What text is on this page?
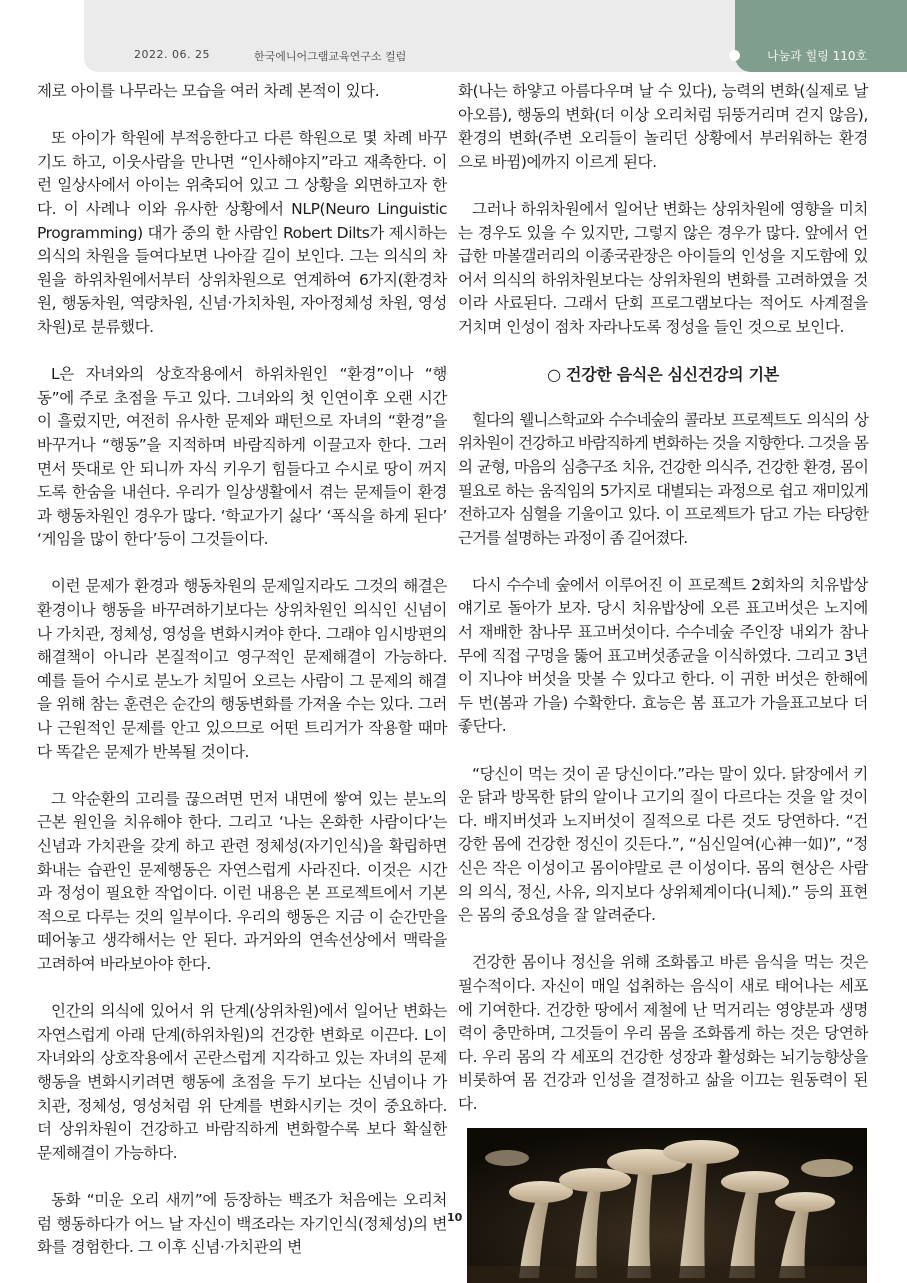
2022. 06. 25	한국에니어그램교육연구소 컬럼	나눔과 힐링 110호

제로 아이를 나무라는 모습을 여러 차례 본적이 있다.

또 아이가 학원에 부적응한다고 다른 학원으로 몇 차례 바꾸기도 하고, 이웃사람을 만나면 “인사해야지”라고 재촉한다. 이런 일상사에서 아이는 위축되어 있고 그 상황을 외면하고자 한다. 이 사례나 이와 유사한 상황에서 NLP(Neuro Linguistic Programming) 대가 중의 한 사람인 Robert Dilts가 제시하는 의식의 차원을 들여다보면 나아갈 길이 보인다. 그는 의식의 차원을 하위차원에서부터 상위차원으로 연계하여 6가지(환경차원, 행동차원, 역량차원, 신념·가치차원, 자아정체성 차원, 영성차원)로 분류했다.

L은 자녀와의 상호작용에서 하위차원인 “환경”이나 “행동”에 주로 초점을 두고 있다. 그녀와의 첫 인연이후 오랜 시간이 흘렀지만, 여전히 유사한 문제와 패턴으로 자녀의 “환경”을 바꾸거나 “행동”을 지적하며 바람직하게 이끌고자 한다. 그러면서 뜻대로 안 되니까 자식 키우기 힘들다고 수시로 땅이 꺼지도록 한숨을 내쉰다. 우리가 일상생활에서 겪는 문제들이 환경과 행동차원인 경우가 많다. ‘학교가기 싫다’ ‘폭식을 하게 된다’ ‘게임을 많이 한다’등이 그것들이다.

이런 문제가 환경과 행동차원의 문제일지라도 그것의 해결은 환경이나 행동을 바꾸려하기보다는 상위차원인 의식인 신념이나 가치관, 정체성, 영성을 변화시켜야 한다. 그래야 임시방편의 해결책이 아니라 본질적이고 영구적인 문제해결이 가능하다. 예를 들어 수시로 분노가 치밀어 오르는 사람이 그 문제의 해결을 위해 참는 훈련은 순간의 행동변화를 가져올 수는 있다. 그러나 근원적인 문제를 안고 있으므로 어떤 트리거가 작용할 때마다 똑같은 문제가 반복될 것이다.

그 악순환의 고리를 끊으려면 먼저 내면에 쌓여 있는 분노의 근본 원인을 치유해야 한다. 그리고 ‘나는 온화한 사람이다’는 신념과 가치관을 갖게 하고 관련 정체성(자기인식)을 확립하면 화내는 습관인 문제행동은 자연스럽게 사라진다. 이것은 시간과 정성이 필요한 작업이다. 이런 내용은 본 프로젝트에서 기본적으로 다루는 것의 일부이다. 우리의 행동은 지금 이 순간만을 떼어놓고 생각해서는 안 된다. 과거와의 연속선상에서 맥락을 고려하여 바라보아야 한다.

인간의 의식에 있어서 위 단계(상위차원)에서 일어난 변화는 자연스럽게 아래 단계(하위차원)의 건강한 변화로 이끈다. L이 자녀와의 상호작용에서 곤란스럽게 지각하고 있는 자녀의 문제행동을 변화시키려면 행동에 초점을 두기 보다는 신념이나 가치관, 정체성, 영성처럼 위 단계를 변화시키는 것이 중요하다. 더 상위차원이 건강하고 바람직하게 변화할수록 보다 확실한 문제해결이 가능하다.

동화 “미운 오리 새끼”에 등장하는 백조가 처음에는 오리처럼 행동하다가 어느 날 자신이 백조라는 자기인식(정체성)의 변화를 경험한다. 그 이후 신념·가치관의 변

화(나는 하얗고 아름다우며 날 수 있다), 능력의 변화(실제로 날아오름), 행동의 변화(더 이상 오리처럼 뒤뚱거리며 걷지 않음), 환경의 변화(주변 오리들이 놀리던 상황에서 부러워하는 환경으로 바뀜)에까지 이르게 된다.

그러나 하위차원에서 일어난 변화는 상위차원에 영향을 미치는 경우도 있을 수 있지만, 그렇지 않은 경우가 많다. 앞에서 언급한 마볼갤러리의 이종국관장은 아이들의 인성을 지도함에 있어서 의식의 하위차원보다는 상위차원의 변화를 고려하였을 것이라 사료된다. 그래서 단회 프로그램보다는 적어도 사계절을 거치며 인성이 점차 자라나도록 정성을 들인 것으로 보인다.

○ 건강한 음식은 심신건강의 기본

힐다의 웰니스학교와 수수네숲의 콜라보 프로젝트도 의식의 상위차원이 건강하고 바람직하게 변화하는 것을 지향한다. 그것을 몸의 균형, 마음의 심층구조 치유, 건강한 의식주, 건강한 환경, 몸이 필요로 하는 움직임의 5가지로 대별되는 과정으로 쉽고 재미있게 전하고자 심혈을 기울이고 있다. 이 프로젝트가 담고 가는 타당한 근거를 설명하는 과정이 좀 길어졌다.

다시 수수네 숲에서 이루어진 이 프로젝트 2회차의 치유밥상 얘기로 돌아가 보자. 당시 치유밥상에 오른 표고버섯은 노지에서 재배한 참나무 표고버섯이다. 수수네숲 주인장 내외가 참나무에 직접 구멍을 뚫어 표고버섯종균을 이식하였다. 그리고 3년이 지나야 버섯을 맛볼 수 있다고 한다. 이 귀한 버섯은 한해에 두 번(봄과 가을) 수확한다. 효능은 봄 표고가 가을표고보다 더 좋단다.

“당신이 먹는 것이 곧 당신이다.”라는 말이 있다. 닭장에서 키운 닭과 방목한 닭의 알이나 고기의 질이 다르다는 것을 알 것이다. 배지버섯과 노지버섯이 질적으로 다른 것도 당연하다. “건강한 몸에 건강한 정신이 깃든다.”, “심신일여(心神一如)”, “정신은 작은 이성이고 몸이야말로 큰 이성이다. 몸의 현상은 사람의 의식, 정신, 사유, 의지보다 상위체계이다(니체).” 등의 표현은 몸의 중요성을 잘 알려준다.

건강한 몸이나 정신을 위해 조화롭고 바른 음식을 먹는 것은 필수적이다. 자신이 매일 섭취하는 음식이 새로 태어나는 세포에 기여한다. 건강한 땅에서 제철에 난 먹거리는 영양분과 생명력이 충만하며, 그것들이 우리 몸을 조화롭게 하는 것은 당연하다. 우리 몸의 각 세포의 건강한 성장과 활성화는 뇌기능향상을 비롯하여 몸 건강과 인성을 결정하고 삶을 이끄는 원동력이 된다.

10
